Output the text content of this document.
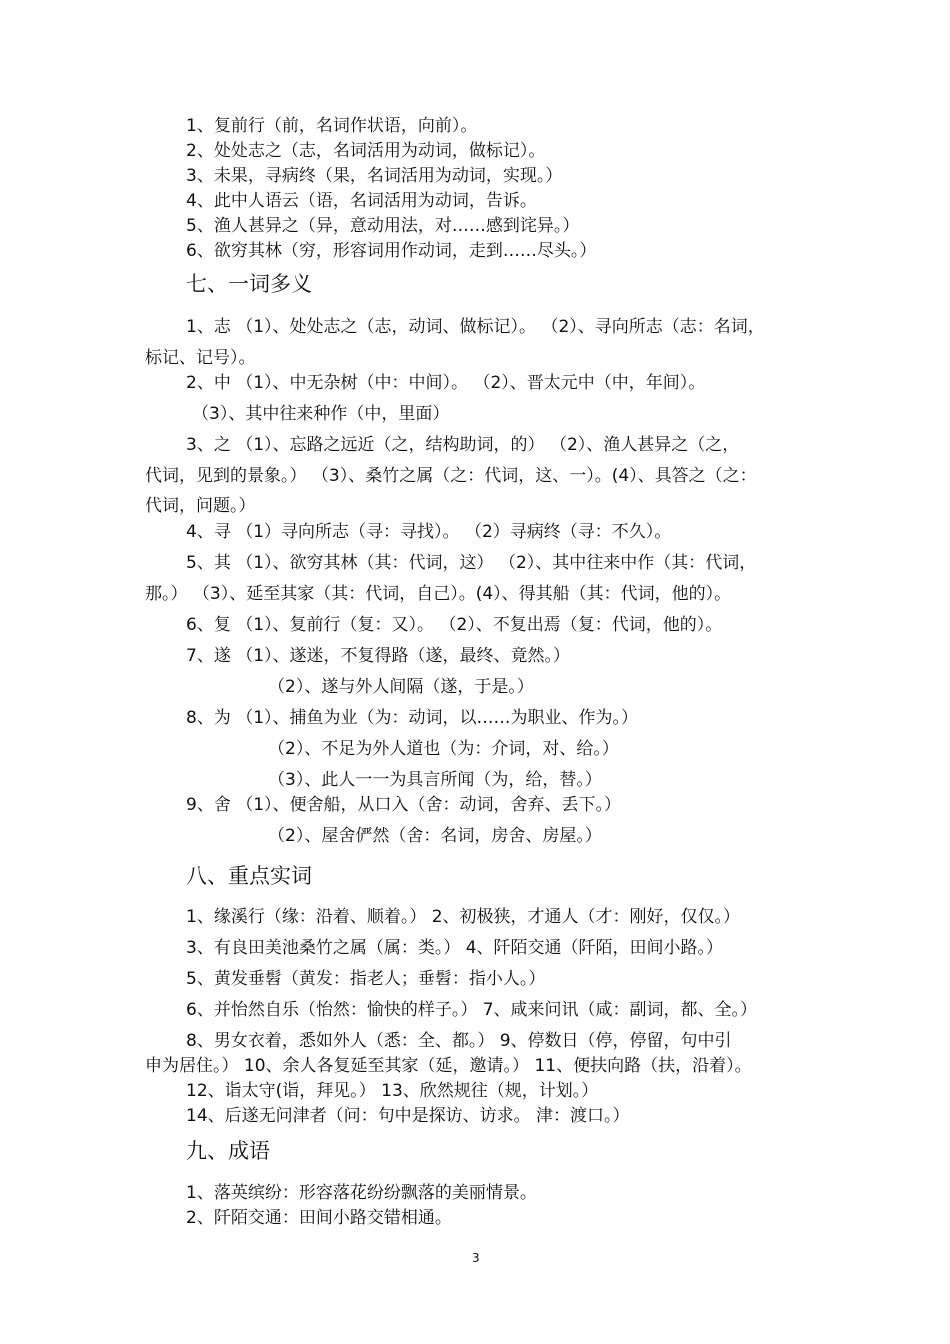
1、复前行（前，名词作状语，向前）。
2、处处志之（志，名词活用为动词，做标记）。
3、未果，寻病终（果，名词活用为动词，实现。）
4、此中人语云（语，名词活用为动词，告诉。
5、渔人甚异之（异，意动用法，对……感到诧异。）
6、欲穷其林（穷，形容词用作动词，走到……尽头。）
七、一词多义
1、志 （1）、处处志之（志，动词、做标记）。 （2）、寻向所志（志：名词，
标记、记号）。
2、中 （1）、中无杂树（中：中间）。 （2）、晋太元中（中，年间）。
（3）、其中往来种作（中，里面）
3、之 （1）、忘路之远近（之，结构助词，的） （2）、渔人甚异之（之，
代词，见到的景象。） （3）、桑竹之属（之：代词，这、一）。(4）、具答之（之：
代词，问题。）
4、寻 （1）寻向所志（寻：寻找）。 （2）寻病终（寻：不久）。
5、其 （1）、欲穷其林（其：代词，这） （2）、其中往来中作（其：代词，
那。） （3）、延至其家（其：代词，自己）。(4）、得其船（其：代词，他的）。
6、复 （1）、复前行（复：又）。 （2）、不复出焉（复：代词，他的）。
7、遂 （1）、遂迷，不复得路（遂，最终、竟然。）
（2）、遂与外人间隔（遂，于是。）
8、为 （1）、捕鱼为业（为：动词，以……为职业、作为。）
（2）、不足为外人道也（为：介词，对、给。）
（3）、此人一一为具言所闻（为，给，替。）
9、舍 （1）、便舍船，从口入（舍：动词，舍弃、丢下。）
（2）、屋舍俨然（舍：名词，房舍、房屋。）
八、重点实词
1、缘溪行（缘：沿着、顺着。） 2、初极狭，才通人（才：刚好，仅仅。）
3、有良田美池桑竹之属（属：类。） 4、阡陌交通（阡陌，田间小路。）
5、黄发垂髫（黄发：指老人；垂髫：指小人。）
6、并怡然自乐（怡然：愉快的样子。） 7、咸来问讯（咸：副词，都、全。）
8、男女衣着，悉如外人（悉：全、都。） 9、停数日（停，停留，句中引
申为居住。） 10、余人各复延至其家（延，邀请。） 11、便扶向路（扶，沿着）。
12、诣太守(诣，拜见。） 13、欣然规往（规，计划。）
14、后遂无问津者（问：句中是探访、访求。 津：渡口。）
九、成语
1、落英缤纷：形容落花纷纷飘落的美丽情景。
2、阡陌交通：田间小路交错相通。
3
